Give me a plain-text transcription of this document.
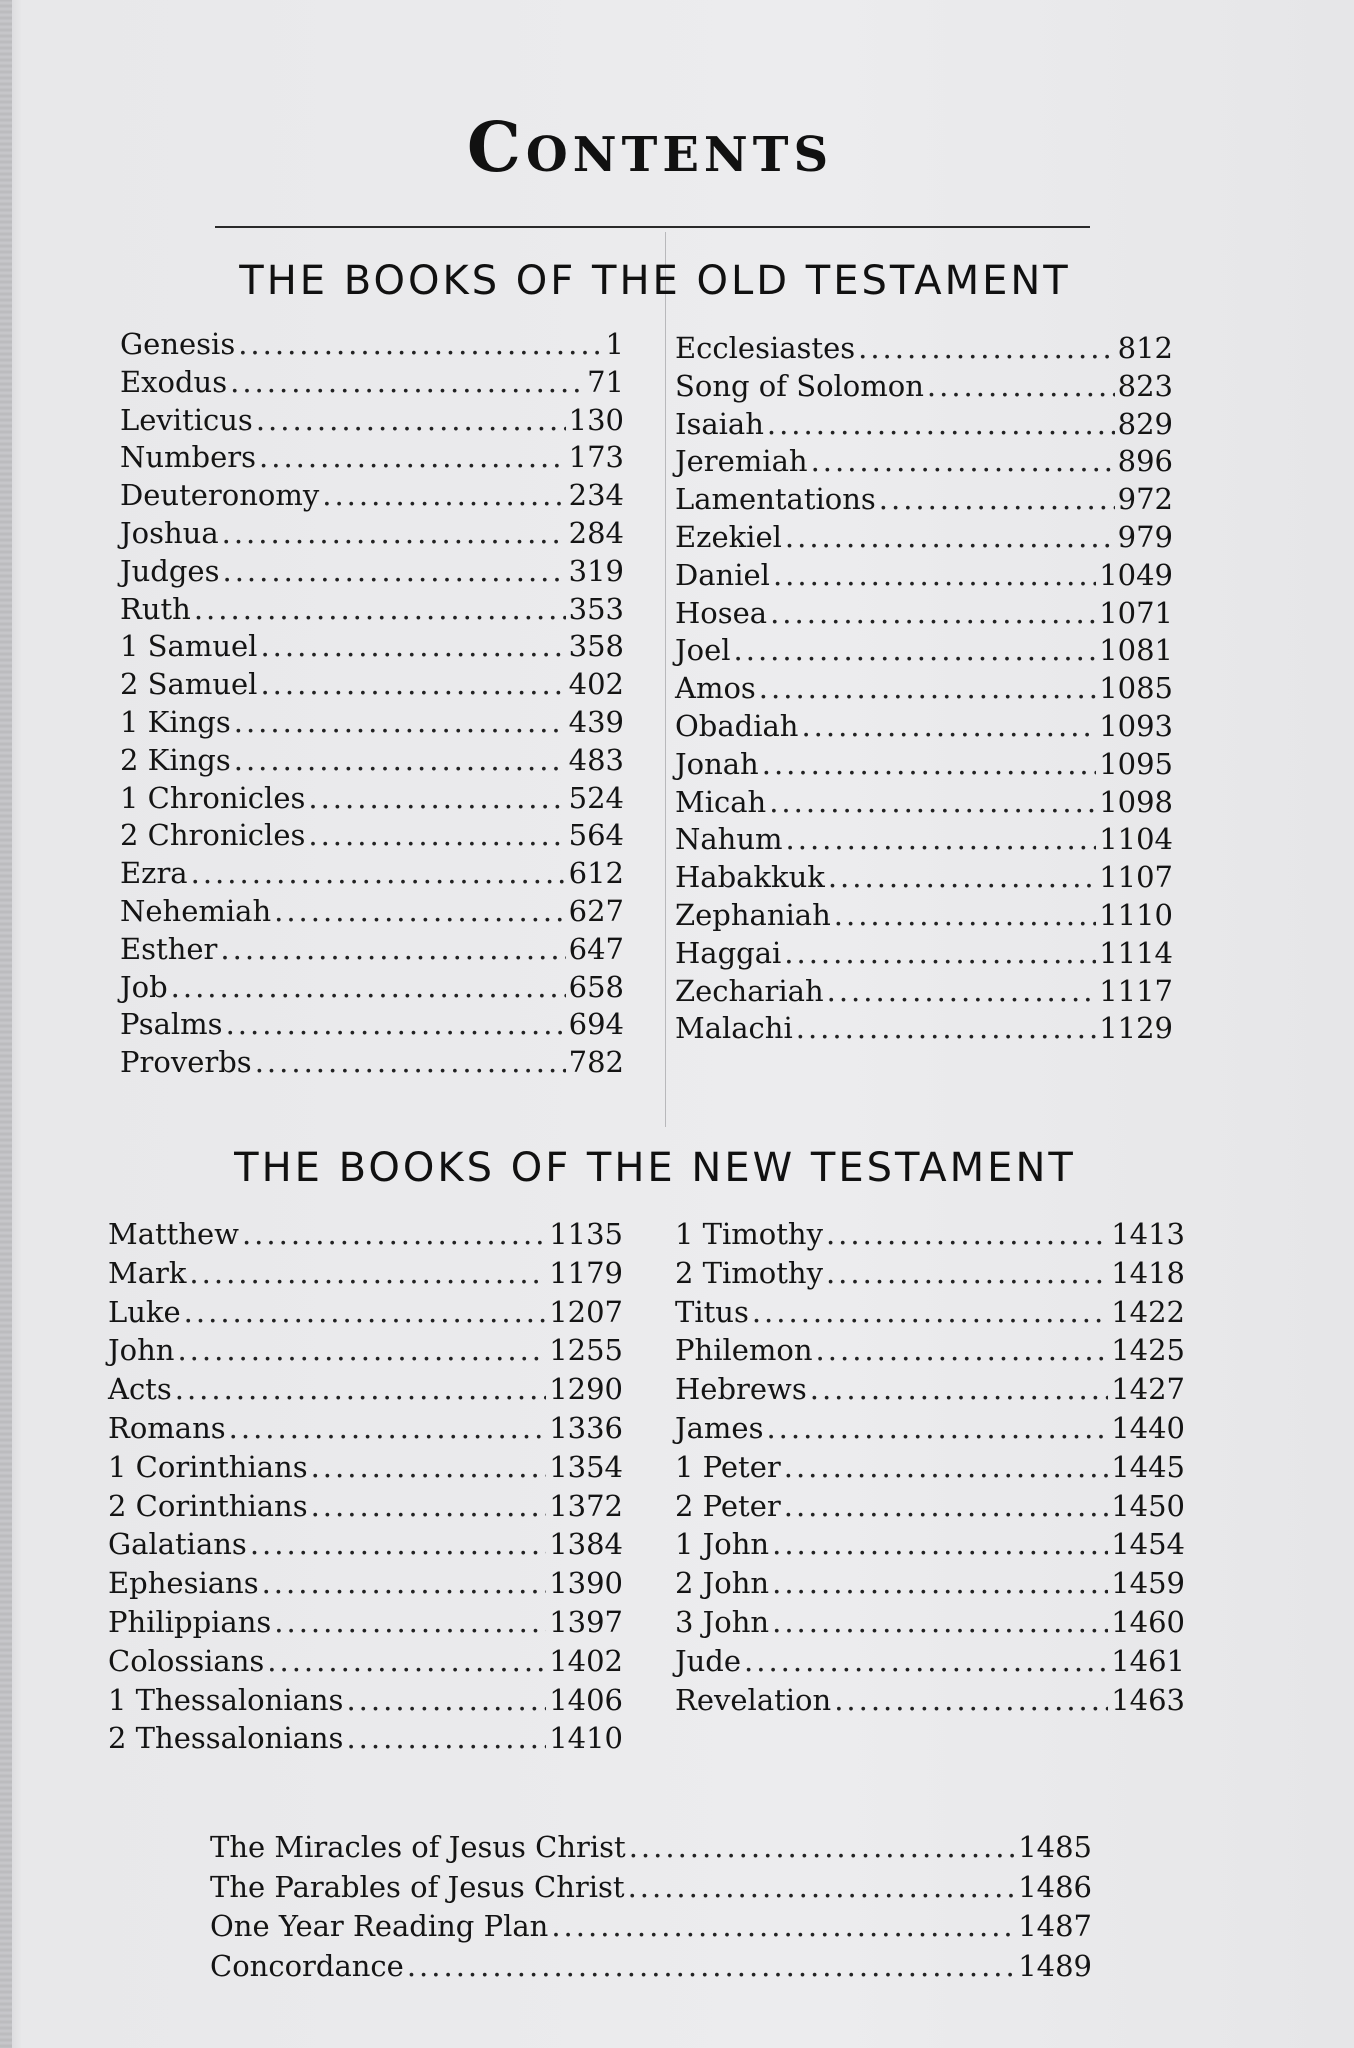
Contents
THE BOOKS OF THE OLD TESTAMENT
Genesis .....	1
Exodus .....	71
Leviticus .....	130
Numbers .....	173
Deuteronomy .....	234
Joshua .....	284
Judges .....	319
Ruth .....	353
1 Samuel .....	358
2 Samuel .....	402
1 Kings .....	439
2 Kings .....	483
1 Chronicles .....	524
2 Chronicles .....	564
Ezra .....	612
Nehemiah .....	627
Esther .....	647
Job .....	658
Psalms .....	694
Proverbs .....	782
Ecclesiastes .....	812
Song of Solomon .....	823
Isaiah .....	829
Jeremiah .....	896
Lamentations .....	972
Ezekiel .....	979
Daniel .....	1049
Hosea .....	1071
Joel .....	1081
Amos .....	1085
Obadiah .....	1093
Jonah .....	1095
Micah .....	1098
Nahum .....	1104
Habakkuk .....	1107
Zephaniah .....	1110
Haggai .....	1114
Zechariah .....	1117
Malachi .....	1129
THE BOOKS OF THE NEW TESTAMENT
Matthew .....	1135
Mark .....	1179
Luke .....	1207
John .....	1255
Acts .....	1290
Romans .....	1336
1 Corinthians .....	1354
2 Corinthians .....	1372
Galatians .....	1384
Ephesians .....	1390
Philippians .....	1397
Colossians .....	1402
1 Thessalonians .....	1406
2 Thessalonians .....	1410
1 Timothy .....	1413
2 Timothy .....	1418
Titus .....	1422
Philemon .....	1425
Hebrews .....	1427
James .....	1440
1 Peter .....	1445
2 Peter .....	1450
1 John .....	1454
2 John .....	1459
3 John .....	1460
Jude .....	1461
Revelation .....	1463
The Miracles of Jesus Christ .....	1485
The Parables of Jesus Christ .....	1486
One Year Reading Plan .....	1487
Concordance .....	1489
